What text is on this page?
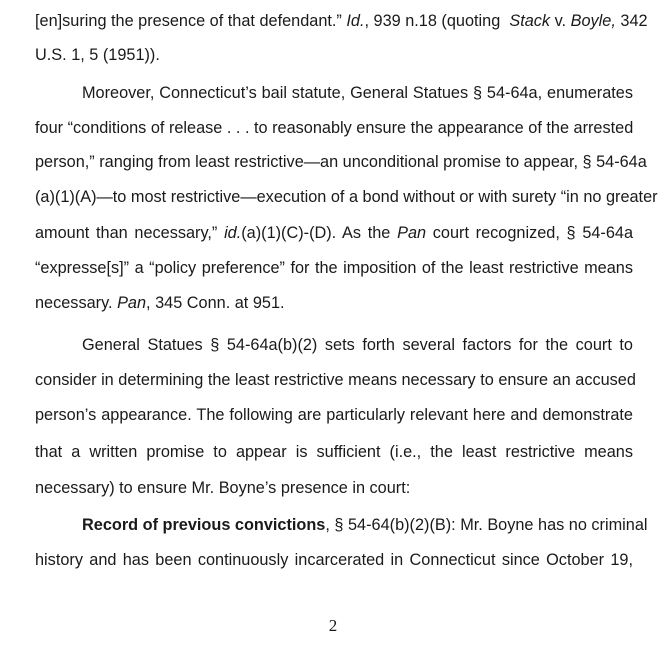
[en]suring the presence of that defendant.” Id., 939 n.18 (quoting Stack v. Boyle, 342
U.S. 1, 5 (1951)).
Moreover, Connecticut’s bail statute, General Statues § 54-64a, enumerates
four “conditions of release . . . to reasonably ensure the appearance of the arrested
person,” ranging from least restrictive—an unconditional promise to appear, § 54-64a
(a)(1)(A)—to most restrictive—execution of a bond without or with surety “in no greater
amount than necessary,” id.(a)(1)(C)-(D). As the Pan court recognized, § 54-64a
“expresse[s]” a “policy preference” for the imposition of the least restrictive means
necessary. Pan, 345 Conn. at 951.
General Statues § 54-64a(b)(2) sets forth several factors for the court to
consider in determining the least restrictive means necessary to ensure an accused
person’s appearance. The following are particularly relevant here and demonstrate
that a written promise to appear is sufficient (i.e., the least restrictive means
necessary) to ensure Mr. Boyne’s presence in court:
Record of previous convictions, § 54-64(b)(2)(B): Mr. Boyne has no criminal
history and has been continuously incarcerated in Connecticut since October 19,
2
